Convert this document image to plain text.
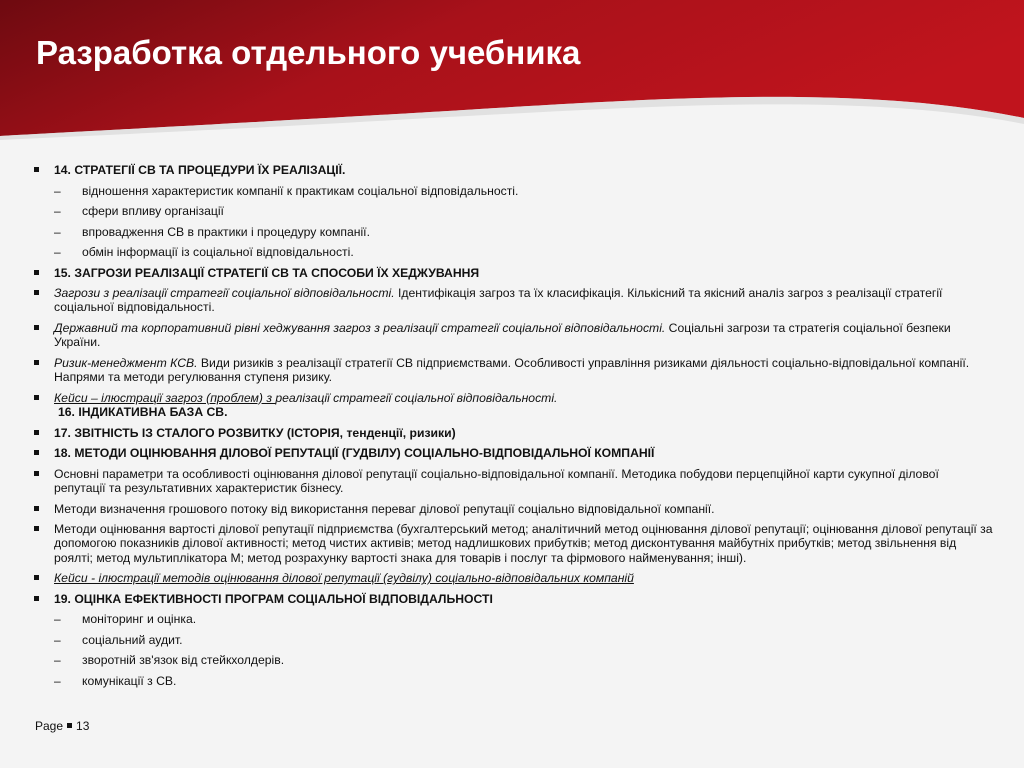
Разработка отдельного учебника
14. СТРАТЕГІЇ СВ ТА ПРОЦЕДУРИ ЇХ РЕАЛІЗАЦІЇ.
–	відношення характеристик компанії к практикам соціальної відповідальності.
–	сфери впливу організації
–	впровадження СВ в практики і процедуру компанії.
–	обмін інформації із соціальної відповідальності.
15. ЗАГРОЗИ РЕАЛІЗАЦІЇ СТРАТЕГІЇ СВ ТА СПОСОБИ ЇХ ХЕДЖУВАННЯ
Загрози з реалізації стратегії соціальної відповідальності. Ідентифікація загроз та їх класифікація. Кількісний та якісний аналіз загроз з реалізації стратегії соціальної відповідальності.
Державний та корпоративний рівні хеджування загроз з реалізації стратегії соціальної відповідальності. Соціальні загрози та стратегія соціальної безпеки України.
Ризик-менеджмент КСВ. Види ризиків з реалізації стратегії СВ підприємствами. Особливості управління ризиками діяльності соціально-відповідальної компанії. Напрями та методи регулювання ступеня ризику.
Кейси – ілюстрації загроз (проблем) з реалізації стратегії соціальної відповідальності.
16. ІНДИКАТИВНА БАЗА СВ.
17. ЗВІТНІСТЬ ІЗ СТАЛОГО РОЗВИТКУ (ІСТОРІЯ, тенденції, ризики)
18. МЕТОДИ ОЦІНЮВАННЯ ДІЛОВОЇ РЕПУТАЦІЇ (ГУДВІЛУ) СОЦІАЛЬНО-ВІДПОВІДАЛЬНОЇ КОМПАНІЇ
Основні параметри та особливості оцінювання ділової репутації соціально-відповідальної компанії. Методика побудови перцепційної карти сукупної ділової репутації та результативних характеристик бізнесу.
Методи визначення грошового потоку від використання переваг ділової репутації соціально відповідальної компанії.
Методи оцінювання вартості ділової репутації підприємства (бухгалтерський метод; аналітичний метод оцінювання ділової репутації; оцінювання ділової репутації за допомогою показників ділової активності; метод чистих активів; метод надлишкових прибутків; метод дисконтування майбутніх прибутків; метод звільнення від роялті; метод мультиплікатора М; метод розрахунку вартості знака для товарів і послуг та фірмового найменування; інші).
Кейси - ілюстрації методів оцінювання ділової репутації (гудвілу) соціально-відповідальних компаній
19. ОЦІНКА ЕФЕКТИВНОСТІ ПРОГРАМ СОЦІАЛЬНОЇ ВІДПОВІДАЛЬНОСТІ
–	моніторинг и оцінка.
–	соціальний аудит.
–	зворотній зв'язок від стейкхолдерів.
–	комунікації з СВ.
Page 13
